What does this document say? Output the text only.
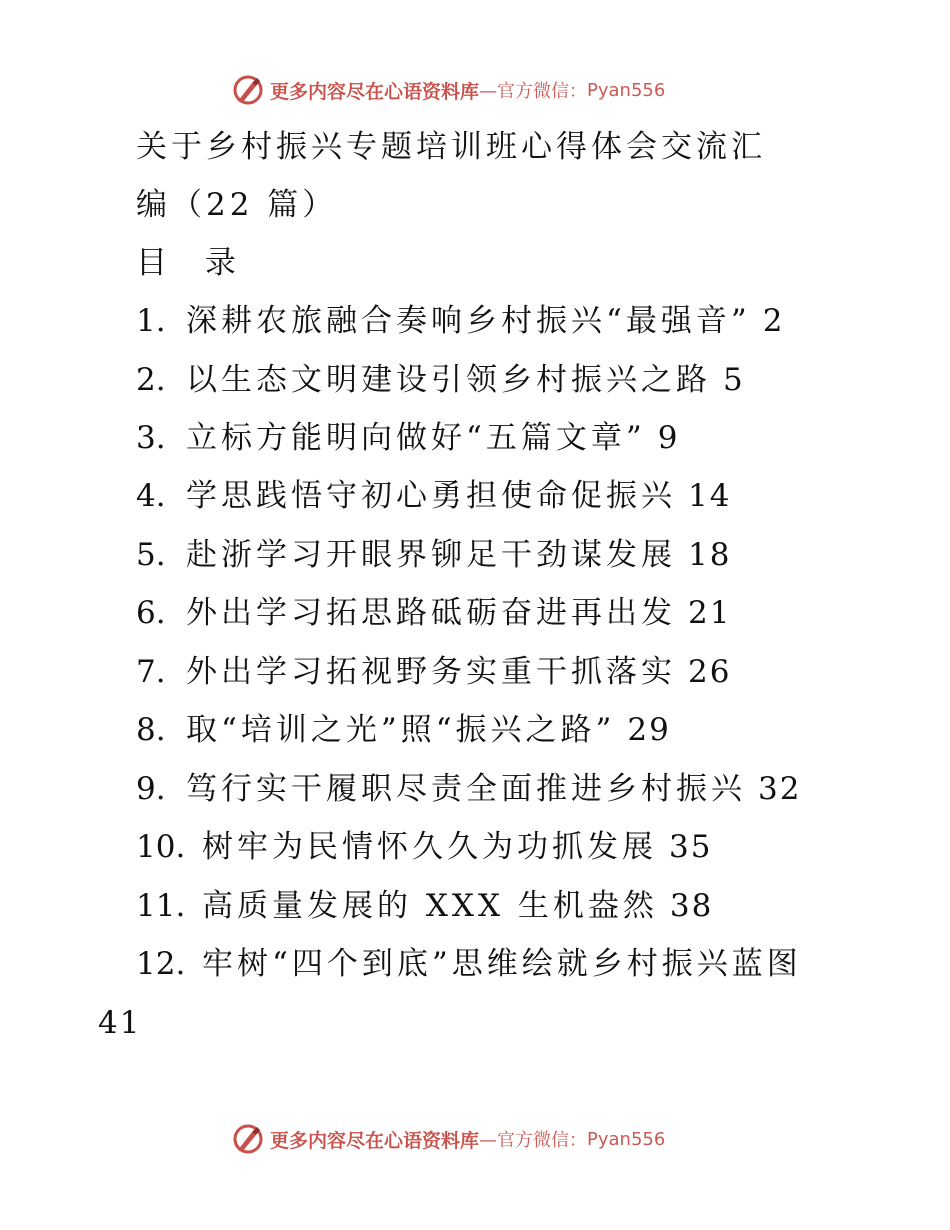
更多内容尽在心语资料库 —官方微信： Pyan556
关于乡村振兴专题培训班心得体会交流汇
编（22 篇）
目 录
1. 深耕农旅融合奏响乡村振兴“最强音” 2
2. 以生态文明建设引领乡村振兴之路 5
3. 立标方能明向做好“五篇文章” 9
4. 学思践悟守初心勇担使命促振兴 14
5. 赴浙学习开眼界铆足干劲谋发展 18
6. 外出学习拓思路砥砺奋进再出发 21
7. 外出学习拓视野务实重干抓落实 26
8. 取“培训之光”照“振兴之路” 29
9. 笃行实干履职尽责全面推进乡村振兴 32
10. 树牢为民情怀久久为功抓发展 35
11. 高质量发展的 XXX 生机盎然 38
12. 牢树“四个到底”思维绘就乡村振兴蓝图
41
更多内容尽在心语资料库 —官方微信： Pyan556
